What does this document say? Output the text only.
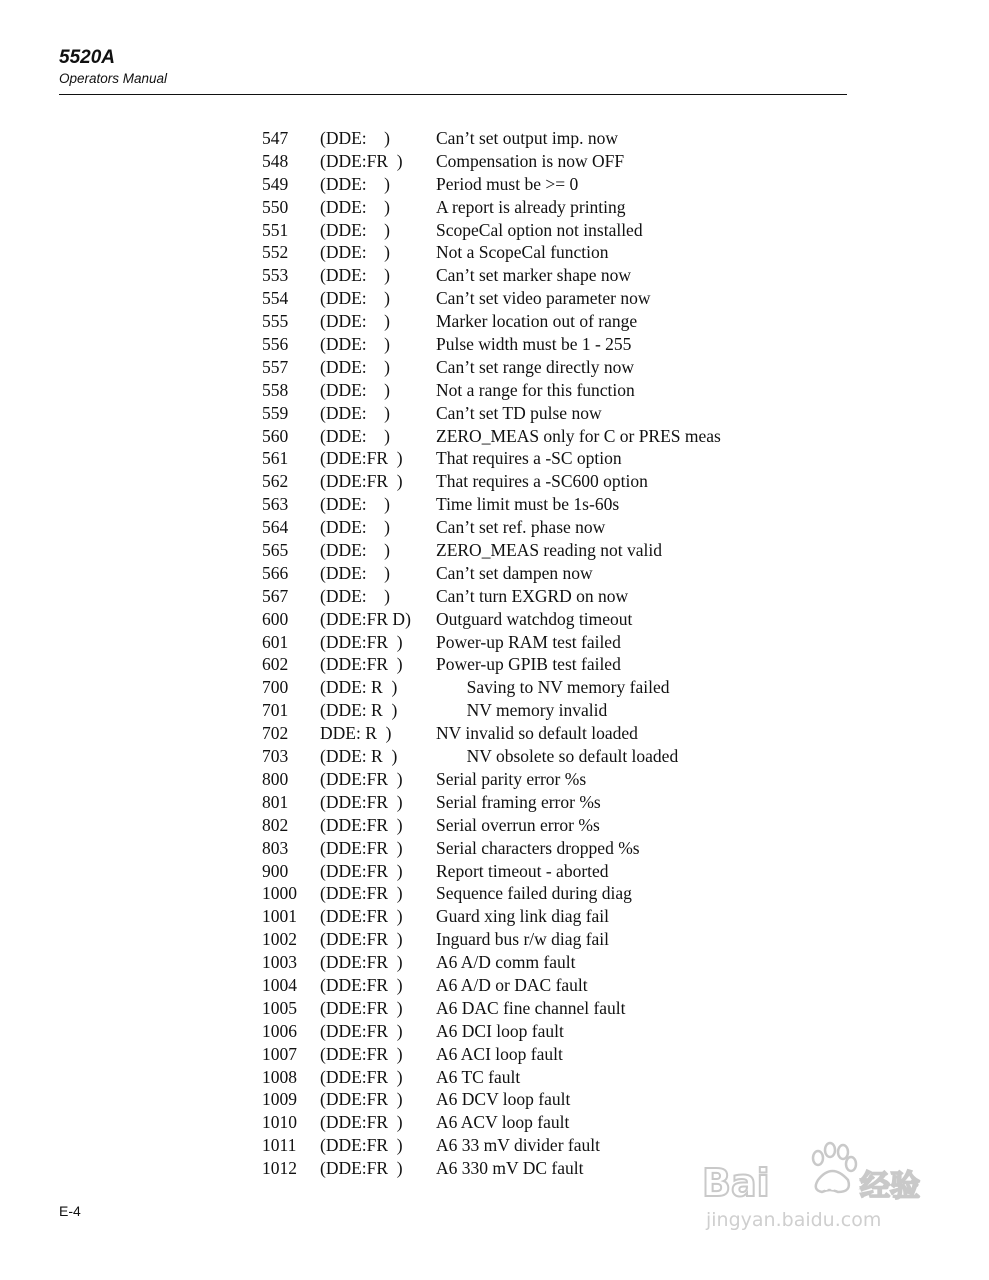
5520A
Operators Manual
547 (DDE:    )	Can’t set output imp. now
548 (DDE:FR  ) Compensation is now OFF
549 (DDE:    )	Period must be >= 0
550 (DDE:    )	A report is already printing
551 (DDE:    )	ScopeCal option not installed
552 (DDE:    )	Not a ScopeCal function
553 (DDE:    )	Can’t set marker shape now
554 (DDE:    )	Can’t set video parameter now
555 (DDE:    )	Marker location out of range
556 (DDE:    )	Pulse width must be 1 - 255
557 (DDE:    )	Can’t set range directly now
558 (DDE:    )	Not a range for this function
559 (DDE:    )	Can’t set TD pulse now
560 (DDE:    )	ZERO_MEAS only for C or PRES meas
561 (DDE:FR  ) That requires a -SC option
562 (DDE:FR  ) That requires a -SC600 option
563 (DDE:    )	Time limit must be 1s-60s
564 (DDE:    )	Can’t set ref. phase now
565 (DDE:    )	ZERO_MEAS reading not valid
566 (DDE:    )	Can’t set dampen now
567 (DDE:    )	Can’t turn EXGRD on now
600 (DDE:FR D) Outguard watchdog timeout
601 (DDE:FR  ) Power-up RAM test failed
602 (DDE:FR  ) Power-up GPIB test failed
700 (DDE: R  ) Saving to NV memory failed
701 (DDE: R  ) NV memory invalid
702 DDE: R  )	NV invalid so default loaded
703 (DDE: R  ) NV obsolete so default loaded
800 (DDE:FR  ) Serial parity error %s
801 (DDE:FR  ) Serial framing error %s
802 (DDE:FR  ) Serial overrun error %s
803 (DDE:FR  ) Serial characters dropped %s
900 (DDE:FR  ) Report timeout - aborted
1000 (DDE:FR  ) Sequence failed during diag
1001 (DDE:FR  ) Guard xing link diag fail
1002 (DDE:FR  ) Inguard bus r/w diag fail
1003 (DDE:FR  ) A6 A/D comm fault
1004 (DDE:FR  ) A6 A/D or DAC fault
1005 (DDE:FR  ) A6 DAC fine channel fault
1006 (DDE:FR  ) A6 DCI loop fault
1007 (DDE:FR  ) A6 ACI loop fault
1008 (DDE:FR  ) A6 TC fault
1009 (DDE:FR  ) A6 DCV loop fault
1010 (DDE:FR  ) A6 ACV loop fault
1011 (DDE:FR  ) A6 33 mV divider fault
1012 (DDE:FR  ) A6 330 mV DC fault
E-4
Bai	经验
du
jingyan.baidu.com
